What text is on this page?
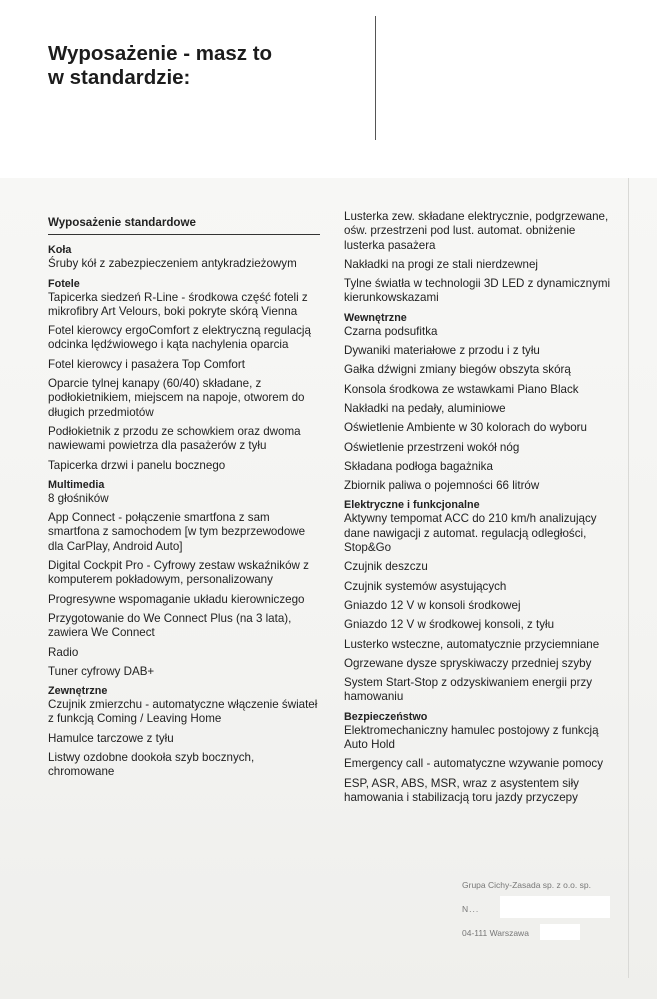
Wyposażenie - masz to
w standardzie:
Wyposażenie standardowe
Koła
Śruby kół z zabezpieczeniem antykradzieżowym
Fotele
Tapicerka siedzeń R-Line - środkowa część foteli z mikrofibry Art Velours, boki pokryte skórą Vienna
Fotel kierowcy ergoComfort z elektryczną regulacją odcinka lędźwiowego i kąta nachylenia oparcia
Fotel kierowcy i pasażera Top Comfort
Oparcie tylnej kanapy (60/40) składane, z podłokietnikiem, miejscem na napoje, otworem do długich przedmiotów
Podłokietnik z przodu ze schowkiem oraz dwoma nawiewami powietrza dla pasażerów z tyłu
Tapicerka drzwi i panelu bocznego
Multimedia
8 głośników
App Connect - połączenie smartfona z sam smartfona z samochodem [w tym bezprzewodowe dla CarPlay, Android Auto]
Digital Cockpit Pro - Cyfrowy zestaw wskaźników z komputerem pokładowym, personalizowany
Progresywne wspomaganie układu kierowniczego
Przygotowanie do We Connect Plus (na 3 lata), zawiera We Connect
Radio
Tuner cyfrowy DAB+
Zewnętrzne
Czujnik zmierzchu - automatyczne włączenie świateł z funkcją Coming / Leaving Home
Hamulce tarczowe z tyłu
Listwy ozdobne dookoła szyb bocznych, chromowane
Lusterka zew. składane elektrycznie, podgrzewane, ośw. przestrzeni pod lust. automat. obniżenie lusterka pasażera
Nakładki na progi ze stali nierdzewnej
Tylne światła w technologii 3D LED z dynamicznymi kierunkowskazami
Wewnętrzne
Czarna podsufitka
Dywaniki materiałowe z przodu i z tyłu
Gałka dźwigni zmiany biegów obszyta skórą
Konsola środkowa ze wstawkami Piano Black
Nakładki na pedały, aluminiowe
Oświetlenie Ambiente w 30 kolorach do wyboru
Oświetlenie przestrzeni wokół nóg
Składana podłoga bagażnika
Zbiornik paliwa o pojemności 66 litrów
Elektryczne i funkcjonalne
Aktywny tempomat ACC do 210 km/h analizujący dane nawigacji z automat. regulacją odległości, Stop&Go
Czujnik deszczu
Czujnik systemów asystujących
Gniazdo 12 V w konsoli środkowej
Gniazdo 12 V w środkowej konsoli, z tyłu
Lusterko wsteczne, automatycznie przyciemniane
Ogrzewane dysze spryskiwaczy przedniej szyby
System Start-Stop z odzyskiwaniem energii przy hamowaniu
Bezpieczeństwo
Elektromechaniczny hamulec postojowy z funkcją Auto Hold
Emergency call - automatyczne wzywanie pomocy
ESP, ASR, ABS, MSR, wraz z asystentem siły hamowania i stabilizacją toru jazdy przyczepy
Grupa Cichy-Zasada sp. z o.o. sp.
N...
04-111 Warszawa
